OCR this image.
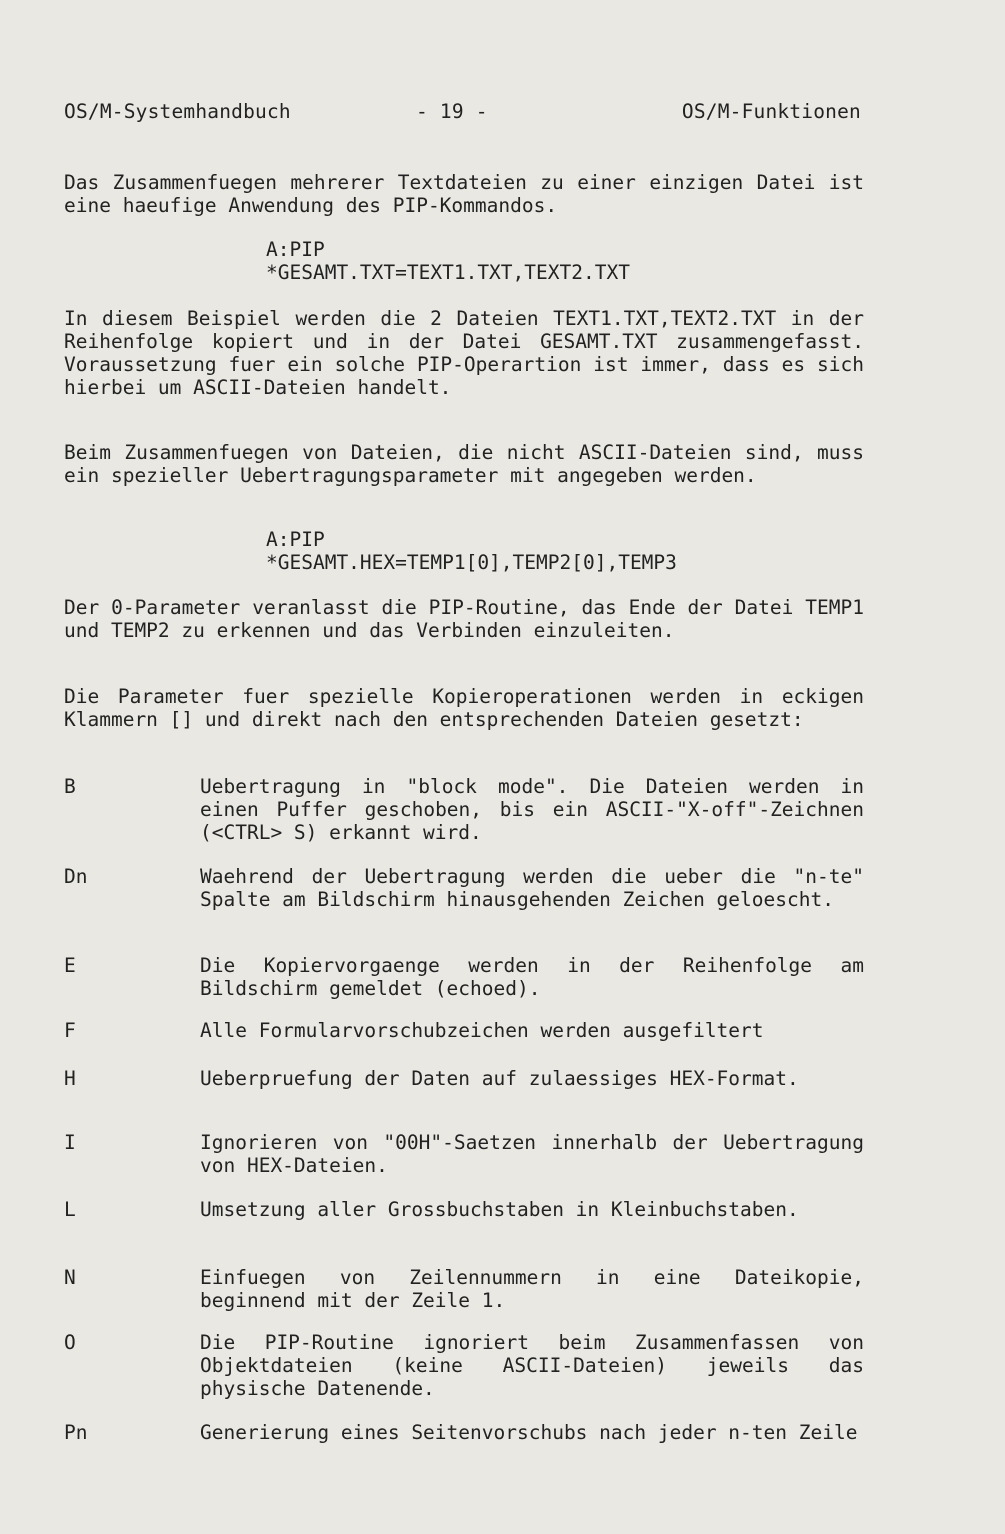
OS/M-Systemhandbuch	- 19 -	OS/M-Funktionen

Das Zusammenfuegen mehrerer Textdateien zu einer einzigen Datei ist eine haeufige Anwendung des PIP-Kommandos.

A:PIP
*GESAMT.TXT=TEXT1.TXT,TEXT2.TXT

In diesem Beispiel werden die 2 Dateien TEXT1.TXT,TEXT2.TXT in der Reihenfolge kopiert und in der Datei GESAMT.TXT zusammengefasst. Voraussetzung fuer ein solche PIP-Operartion ist immer, dass es sich hierbei um ASCII-Dateien handelt.

Beim Zusammenfuegen von Dateien, die nicht ASCII-Dateien sind, muss ein spezieller Uebertragungsparameter mit angegeben werden.

A:PIP
*GESAMT.HEX=TEMP1[0],TEMP2[0],TEMP3

Der 0-Parameter veranlasst die PIP-Routine, das Ende der Datei TEMP1 und TEMP2 zu erkennen und das Verbinden einzuleiten.

Die Parameter fuer spezielle Kopieroperationen werden in eckigen Klammern [] und direkt nach den entsprechenden Dateien gesetzt:

B	Uebertragung in "block mode". Die Dateien werden in einen Puffer geschoben, bis ein ASCII-"X-off"-Zeichnen (<CTRL> S) erkannt wird.

Dn	Waehrend der Uebertragung werden die ueber die "n-te" Spalte am Bildschirm hinausgehenden Zeichen geloescht.

E	Die Kopiervorgaenge werden in der Reihenfolge am Bildschirm gemeldet (echoed).

F	Alle Formularvorschubzeichen werden ausgefiltert

H	Ueberpruefung der Daten auf zulaessiges HEX-Format.

I	Ignorieren von "00H"-Saetzen innerhalb der Uebertragung von HEX-Dateien.

L	Umsetzung aller Grossbuchstaben in Kleinbuchstaben.

N	Einfuegen von Zeilennummern in eine Dateikopie, beginnend mit der Zeile 1.

O	Die PIP-Routine ignoriert beim Zusammenfassen von Objektdateien (keine ASCII-Dateien) jeweils das physische Datenende.

Pn	Generierung eines Seitenvorschubs nach jeder n-ten Zeile
